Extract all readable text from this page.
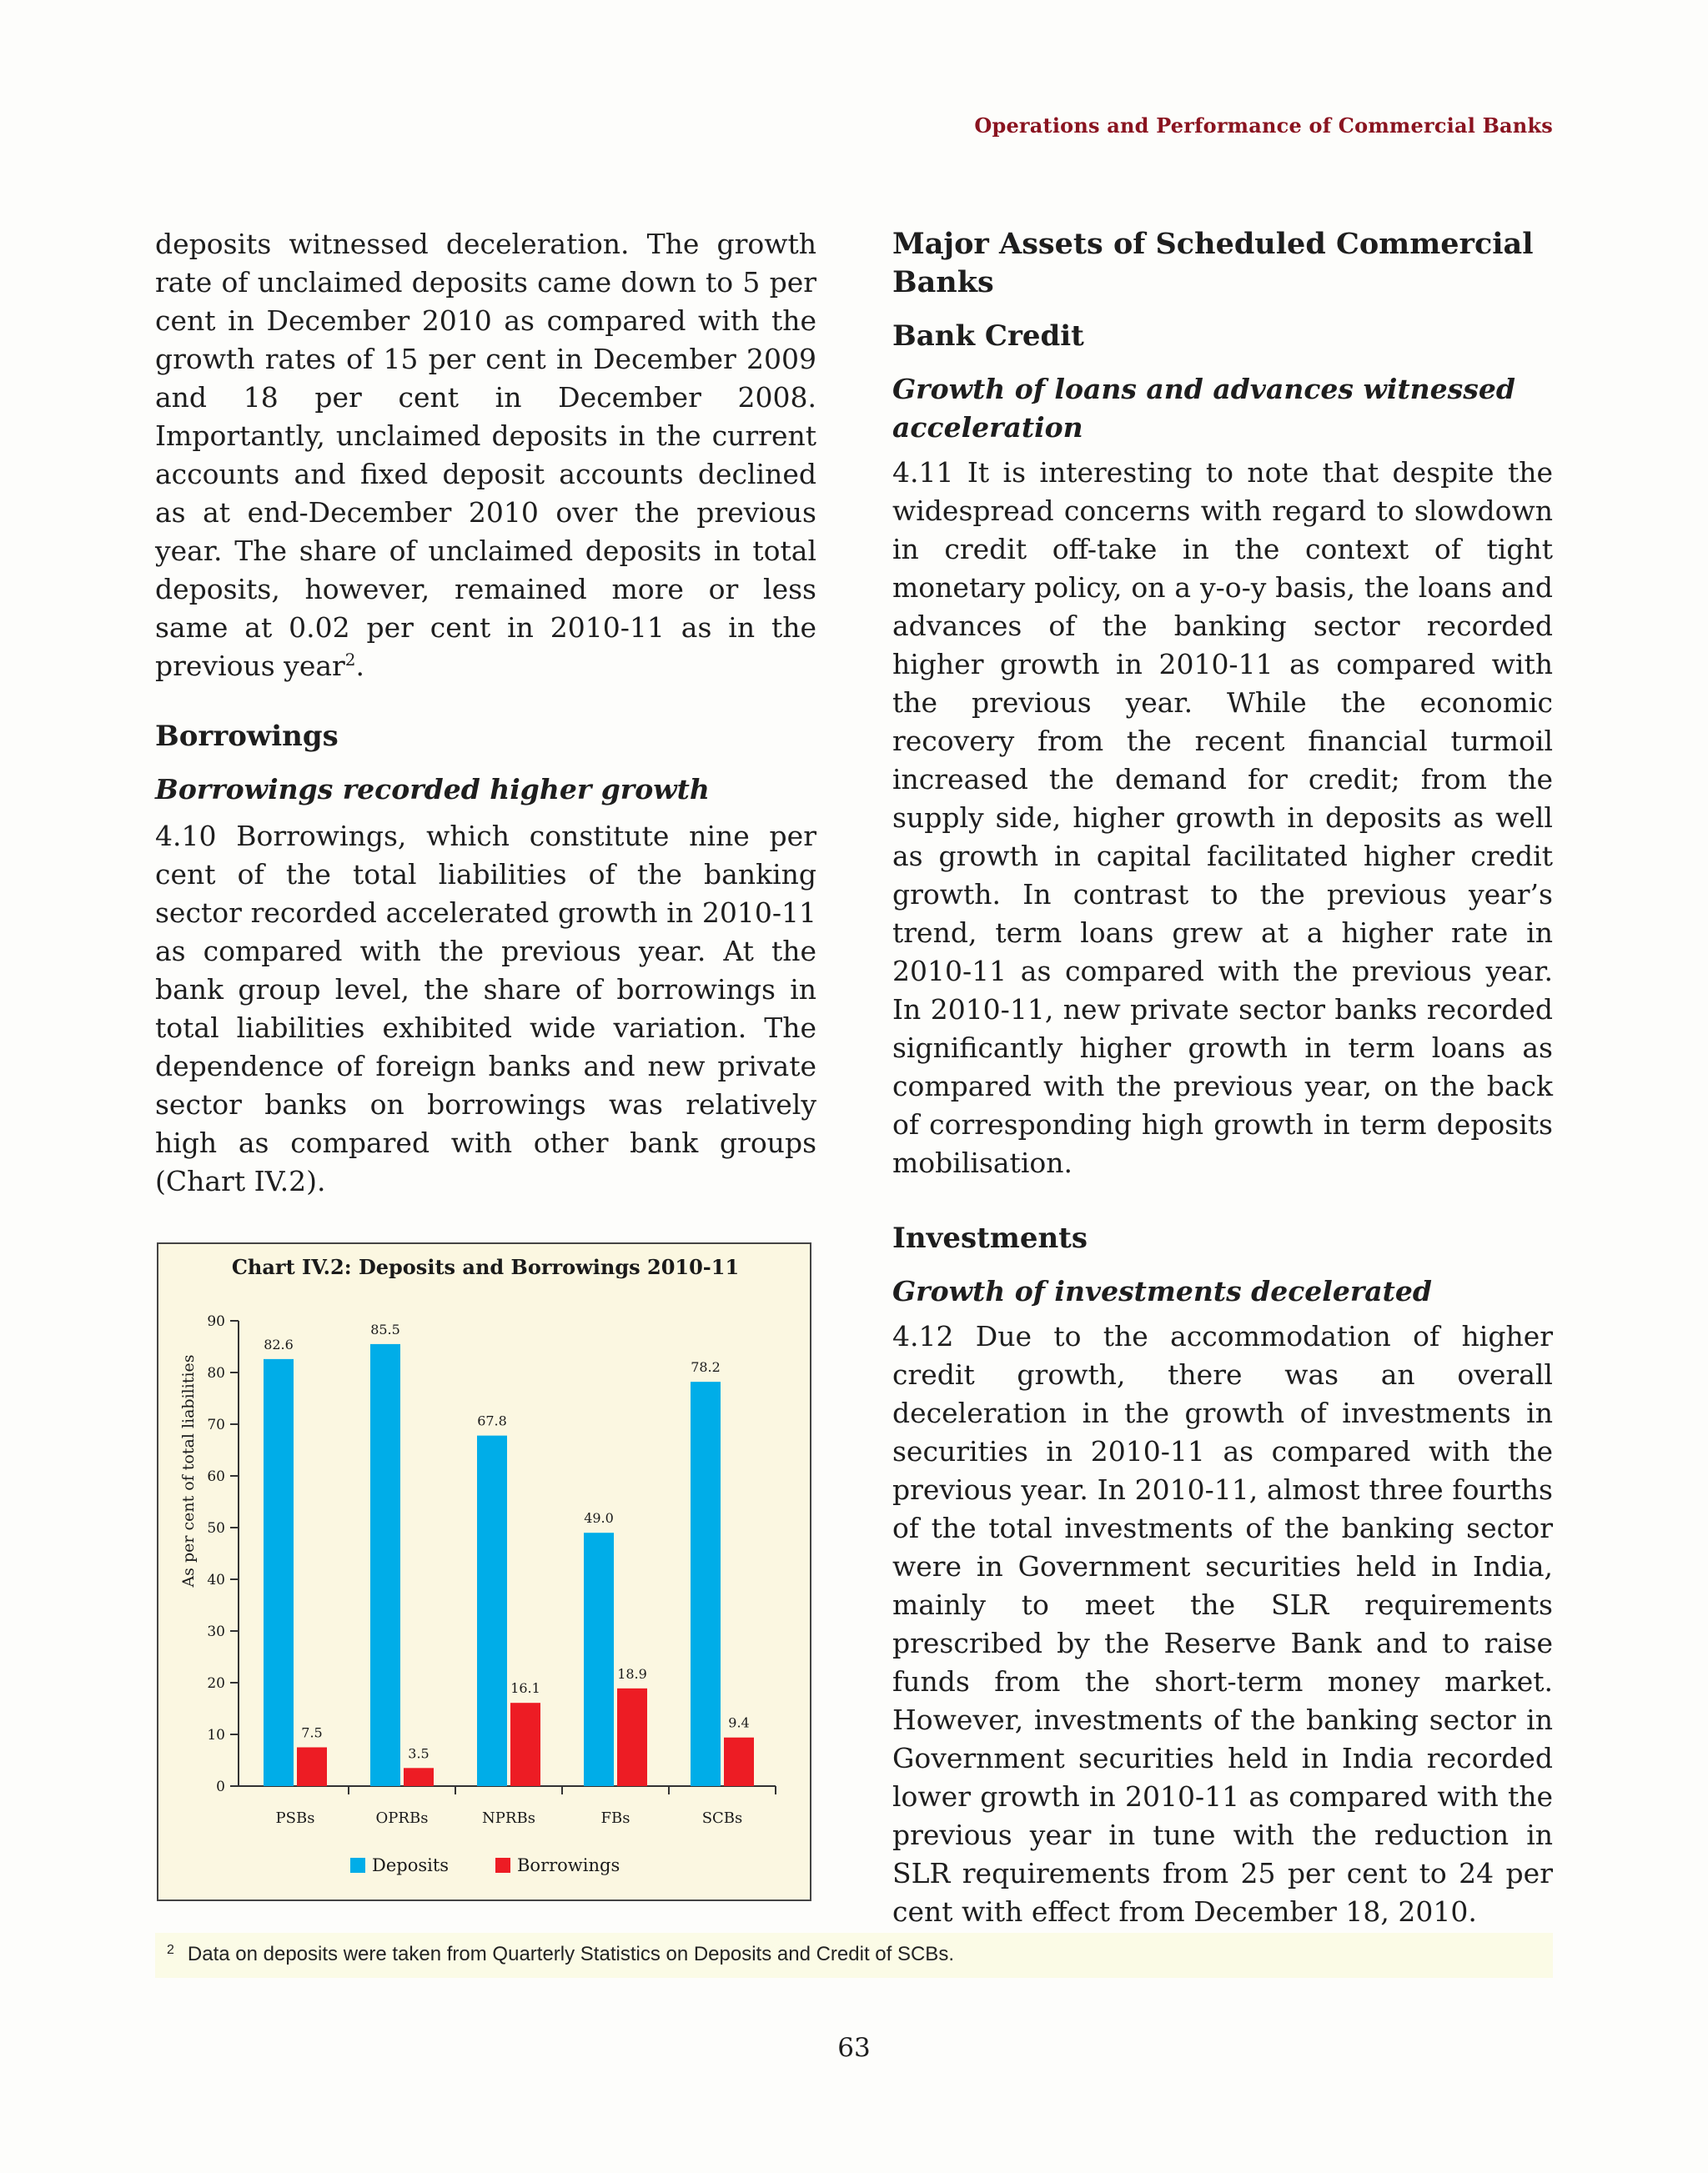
Operations and Performance of Commercial Banks

deposits witnessed deceleration. The growth rate of unclaimed deposits came down to 5 per cent in December 2010 as compared with the growth rates of 15 per cent in December 2009 and 18 per cent in December 2008. Importantly, unclaimed deposits in the current accounts and fixed deposit accounts declined as at end-December 2010 over the previous year. The share of unclaimed deposits in total deposits, however, remained more or less same at 0.02 per cent in 2010-11 as in the previous year$^2$.

Borrowings
Borrowings recorded higher growth

4.10 Borrowings, which constitute nine per cent of the total liabilities of the banking sector recorded accelerated growth in 2010-11 as compared with the previous year. At the bank group level, the share of borrowings in total liabilities exhibited wide variation. The dependence of foreign banks and new private sector banks on borrowings was relatively high as compared with other bank groups (Chart IV.2).

Major Assets of Scheduled Commercial Banks
Bank Credit
Growth of loans and advances witnessed acceleration

4.11 It is interesting to note that despite the widespread concerns with regard to slowdown in credit off-take in the context of tight monetary policy, on a y-o-y basis, the loans and advances of the banking sector recorded higher growth in 2010-11 as compared with the previous year. While the economic recovery from the recent financial turmoil increased the demand for credit; from the supply side, higher growth in deposits as well as growth in capital facilitated higher credit growth. In contrast to the previous year’s trend, term loans grew at a higher rate in 2010-11 as compared with the previous year. In 2010-11, new private sector banks recorded significantly higher growth in term loans as compared with the previous year, on the back of corresponding high growth in term deposits mobilisation.

Investments
Growth of investments decelerated

4.12 Due to the accommodation of higher credit growth, there was an overall deceleration in the growth of investments in securities in 2010-11 as compared with the previous year. In 2010-11, almost three fourths of the total investments of the banking sector were in Government securities held in India, mainly to meet the SLR requirements prescribed by the Reserve Bank and to raise funds from the short-term money market. However, investments of the banking sector in Government securities held in India recorded lower growth in 2010-11 as compared with the previous year in tune with the reduction in SLR requirements from 25 per cent to 24 per cent with effect from December 18, 2010.

Chart IV.2: Deposits and Borrowings 2010-11
As per cent of total liabilities
0
10
20
30
40
50
60
70
80
90
PSBs
82.6
7.5
OPRBs
85.5
3.5
NPRBs
67.8
16.1
FBs
49.0
18.9
SCBs
78.2
9.4
Deposits	Borrowings
$^2$ Data on deposits were taken from Quarterly Statistics on Deposits and Credit of SCBs.
63
